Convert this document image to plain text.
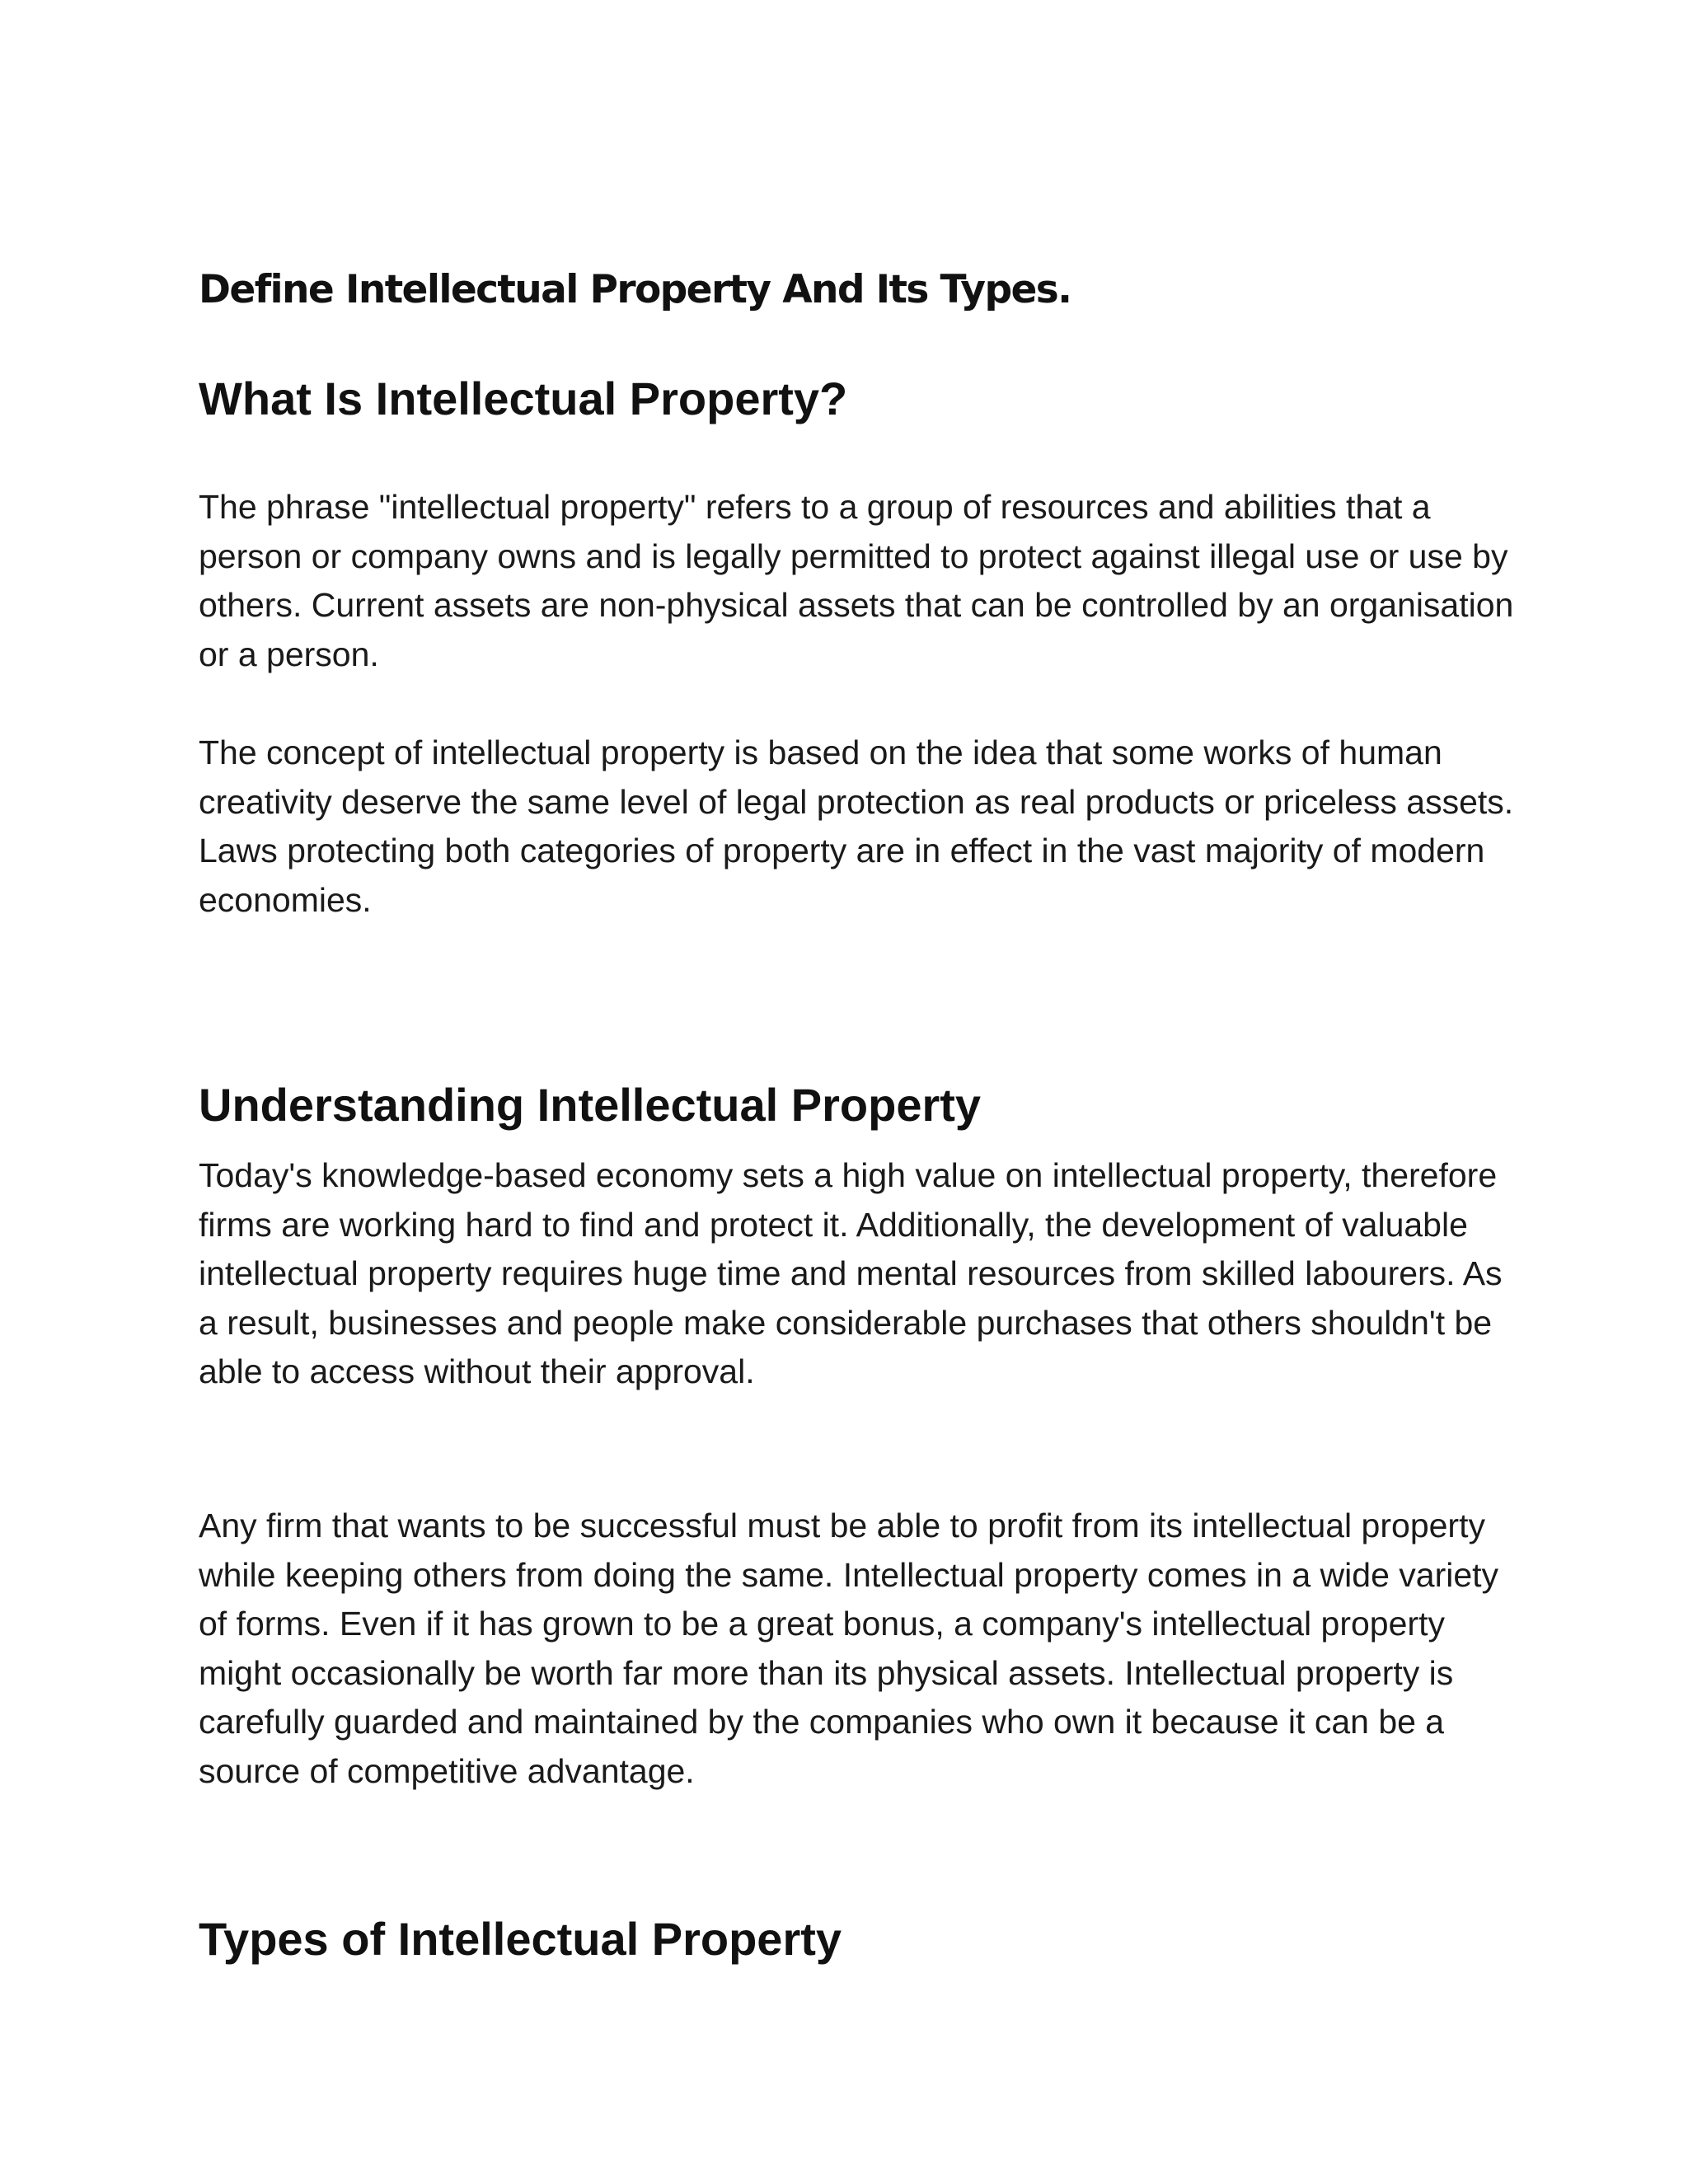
Define Intellectual Property And Its Types.
What Is Intellectual Property?

The phrase "intellectual property" refers to a group of resources and abilities that a person or company owns and is legally permitted to protect against illegal use or use by others. Current assets are non-physical assets that can be controlled by an organisation or a person.

The concept of intellectual property is based on the idea that some works of human creativity deserve the same level of legal protection as real products or priceless assets. Laws protecting both categories of property are in effect in the vast majority of modern economies.

Understanding Intellectual Property

Today's knowledge-based economy sets a high value on intellectual property, therefore firms are working hard to find and protect it. Additionally, the development of valuable intellectual property requires huge time and mental resources from skilled labourers. As a result, businesses and people make considerable purchases that others shouldn't be able to access without their approval.

Any firm that wants to be successful must be able to profit from its intellectual property while keeping others from doing the same. Intellectual property comes in a wide variety of forms. Even if it has grown to be a great bonus, a company's intellectual property might occasionally be worth far more than its physical assets. Intellectual property is carefully guarded and maintained by the companies who own it because it can be a source of competitive advantage.

Types of Intellectual Property
